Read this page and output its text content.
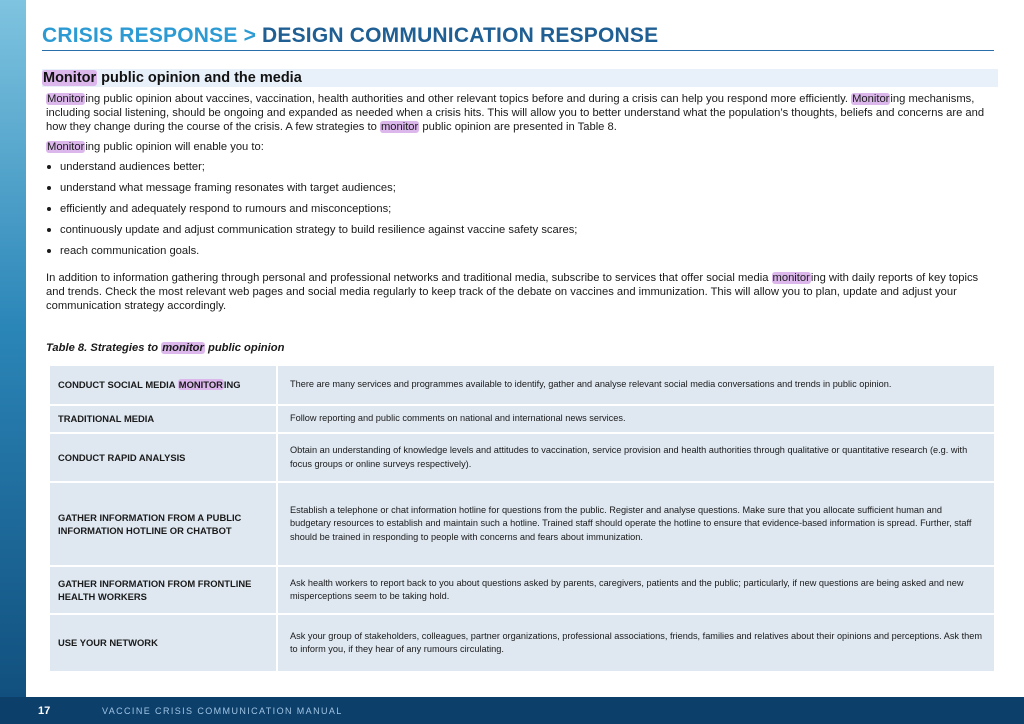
CRISIS RESPONSE > DESIGN COMMUNICATION RESPONSE
Monitor public opinion and the media

Monitoring public opinion about vaccines, vaccination, health authorities and other relevant topics before and during a crisis can help you respond more efficiently. Monitoring mechanisms, including social listening, should be ongoing and expanded as needed when a crisis hits. This will allow you to better understand what the population’s thoughts, beliefs and concerns are and how they change during the course of the crisis. A few strategies to monitor public opinion are presented in Table 8.

Monitoring public opinion will enable you to:

understand audiences better;
understand what message framing resonates with target audiences;
efficiently and adequately respond to rumours and misconceptions;
continuously update and adjust communication strategy to build resilience against vaccine safety scares;
reach communication goals.

In addition to information gathering through personal and professional networks and traditional media, subscribe to services that offer social media monitoring with daily reports of key topics and trends. Check the most relevant web pages and social media regularly to keep track of the debate on vaccines and immunization. This will allow you to plan, update and adjust your communication strategy accordingly.

Table 8. Strategies to monitor public opinion
CONDUCT SOCIAL MEDIA MONITORING	There are many services and programmes available to identify, gather and analyse relevant social media conversations and trends in public opinion.
TRADITIONAL MEDIA	Follow reporting and public comments on national and international news services.
CONDUCT RAPID ANALYSIS	Obtain an understanding of knowledge levels and attitudes to vaccination, service provision and health authorities through qualitative or quantitative research (e.g. with focus groups or online surveys respectively).
GATHER INFORMATION FROM A PUBLIC INFORMATION HOTLINE OR CHATBOT	Establish a telephone or chat information hotline for questions from the public. Register and analyse questions. Make sure that you allocate sufficient human and budgetary resources to establish and maintain such a hotline. Trained staff should operate the hotline to ensure that evidence-based information is spread. Further, staff should be trained in responding to people with concerns and fears about immunization.
GATHER INFORMATION FROM FRONTLINE HEALTH WORKERS	Ask health workers to report back to you about questions asked by parents, caregivers, patients and the public; particularly, if new questions are being asked and new misperceptions seem to be taking hold.
USE YOUR NETWORK	Ask your group of stakeholders, colleagues, partner organizations, professional associations, friends, families and relatives about their opinions and perceptions. Ask them to inform you, if they hear of any rumours circulating.
17	VACCINE CRISIS COMMUNICATION MANUAL
